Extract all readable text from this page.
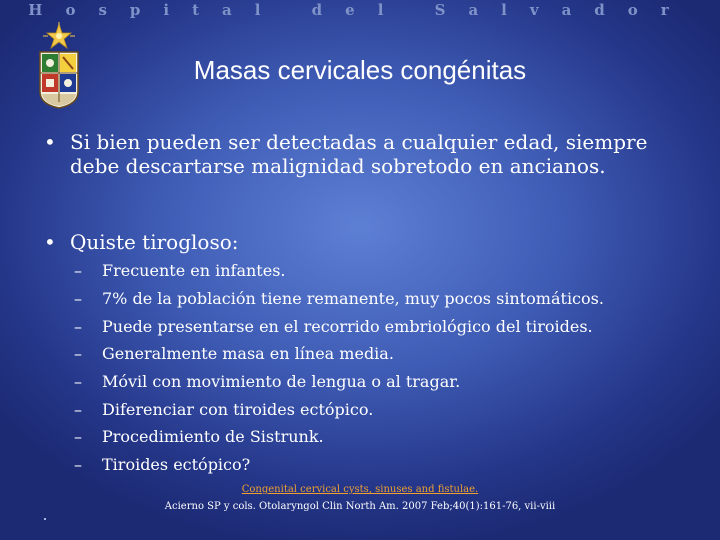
Hospital del Salvador
Masas cervicales congénitas
• Si bien pueden ser detectadas a cualquier edad, siempre debe descartarse malignidad sobretodo en ancianos.
• Quiste tirogloso:
– Frecuente en infantes.
– 7% de la población tiene remanente, muy pocos sintomáticos.
– Puede presentarse en el recorrido embriológico del tiroides.
– Generalmente masa en línea media.
– Móvil con movimiento de lengua o al tragar.
– Diferenciar con tiroides ectópico.
– Procedimiento de Sistrunk.
– Tiroides ectópico?
Congenital cervical cysts, sinuses and fistulae.
Acierno SP y cols. Otolaryngol Clin North Am. 2007 Feb;40(1):161-76, vii-viii
